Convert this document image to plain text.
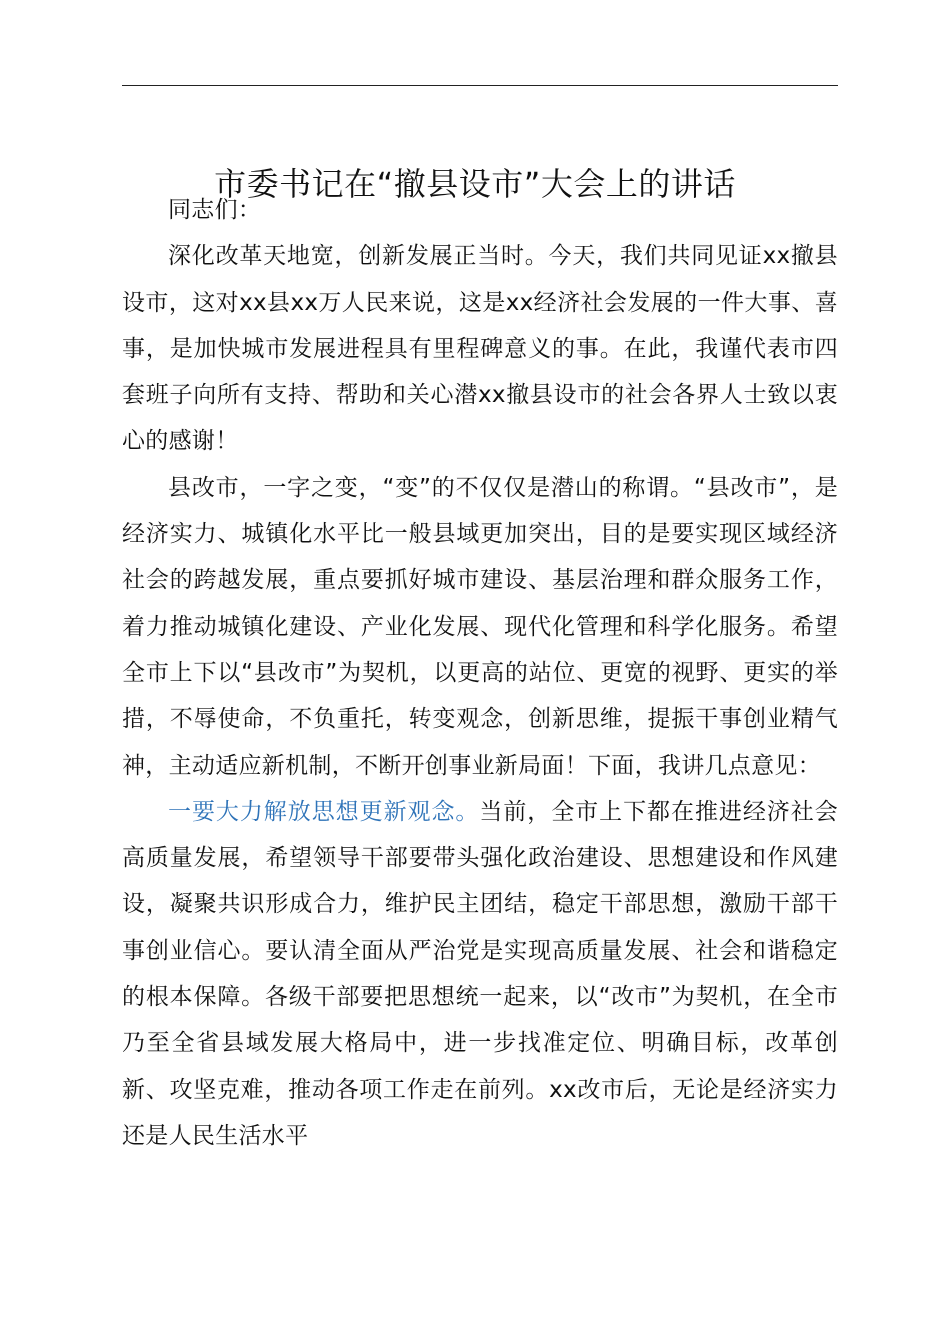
市委书记在“撤县设市”大会上的讲话

同志们：

深化改革天地宽，创新发展正当时。今天，我们共同见证xx撤县设市，这对xx县xx万人民来说，这是xx经济社会发展的一件大事、喜事，是加快城市发展进程具有里程碑意义的事。在此，我谨代表市四套班子向所有支持、帮助和关心潜xx撤县设市的社会各界人士致以衷心的感谢！

县改市，一字之变，“变”的不仅仅是潜山的称谓。“县改市”，是经济实力、城镇化水平比一般县域更加突出，目的是要实现区域经济社会的跨越发展，重点要抓好城市建设、基层治理和群众服务工作，着力推动城镇化建设、产业化发展、现代化管理和科学化服务。希望全市上下以“县改市”为契机，以更高的站位、更宽的视野、更实的举措，不辱使命，不负重托，转变观念，创新思维，提振干事创业精气神，主动适应新机制，不断开创事业新局面！下面，我讲几点意见：

一要大力解放思想更新观念。当前，全市上下都在推进经济社会高质量发展，希望领导干部要带头强化政治建设、思想建设和作风建设，凝聚共识形成合力，维护民主团结，稳定干部思想，激励干部干事创业信心。要认清全面从严治党是实现高质量发展、社会和谐稳定的根本保障。各级干部要把思想统一起来，以“改市”为契机，在全市乃至全省县域发展大格局中，进一步找准定位、明确目标，改革创新、攻坚克难，推动各项工作走在前列。xx改市后，无论是经济实力还是人民生活水平
